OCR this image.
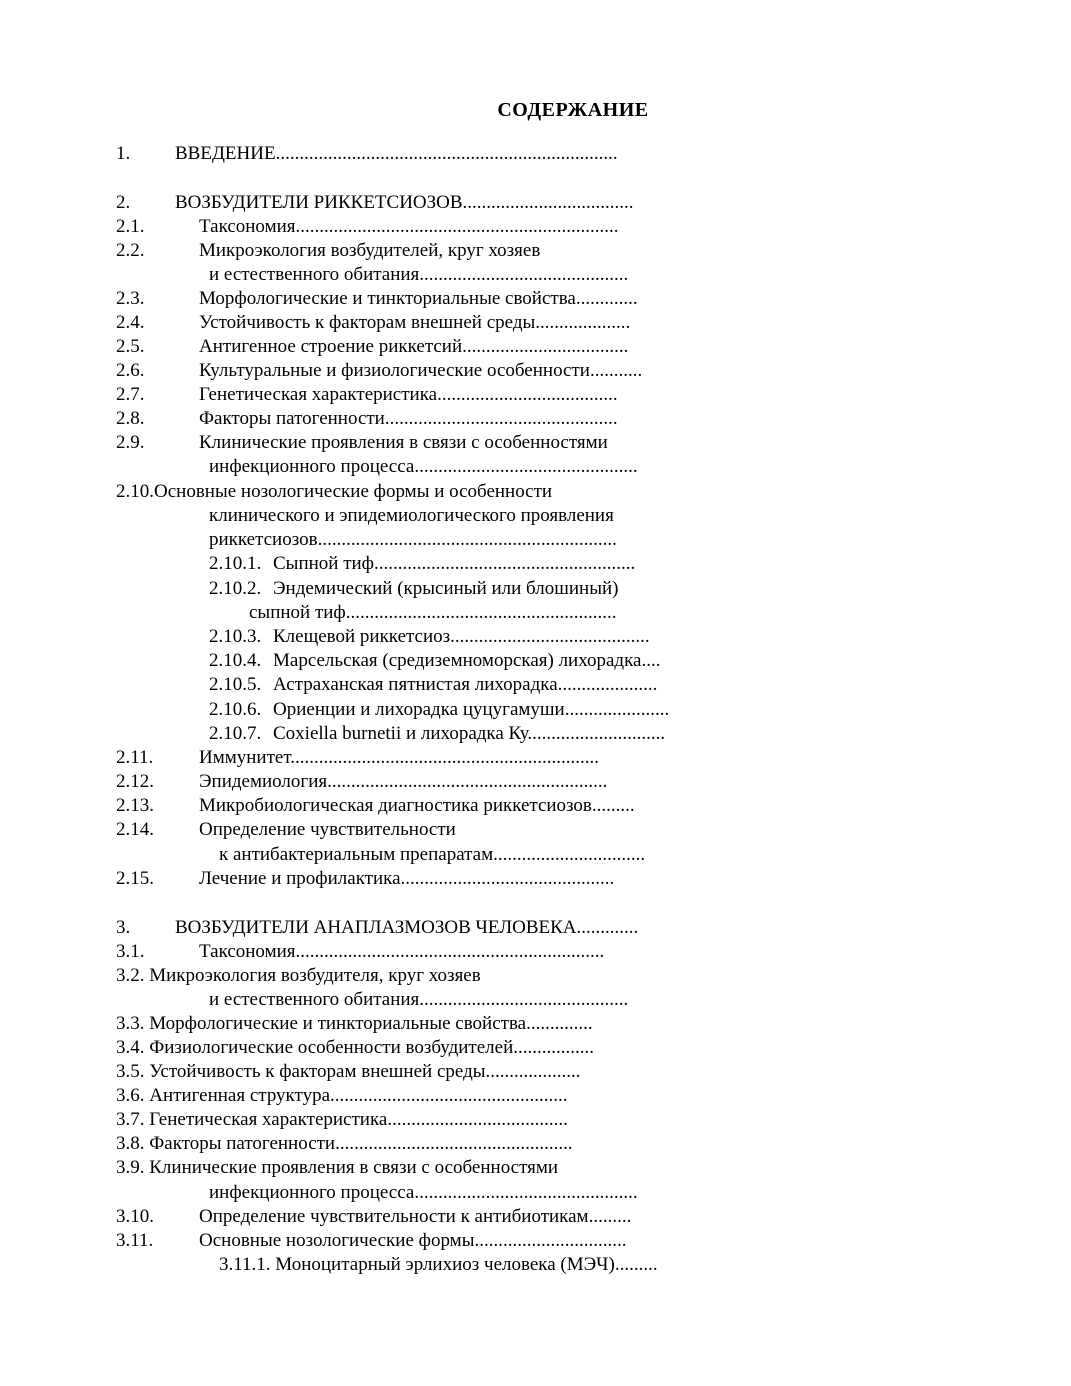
СОДЕРЖАНИЕ
1. ВВЕДЕНИЕ........................................................................
2. ВОЗБУДИТЕЛИ РИККЕТСИОЗОВ....................................
2.1.	Таксономия....................................................................
2.2.	Микроэкология возбудителей, круг хозяев
и естественного обитания............................................
2.3.	Морфологические и тинкториальные свойства.............
2.4.	Устойчивость к факторам внешней среды....................
2.5.	Антигенное строение риккетсий...................................
2.6.	Культуральные и физиологические особенности...........
2.7.	Генетическая характеристика......................................
2.8.	Факторы патогенности.................................................
2.9.	Клинические проявления в связи с особенностями
инфекционного процесса...............................................
2.10.Основные нозологические формы и особенности
клинического и эпидемиологического проявления
риккетсиозов...............................................................
2.10.1. Сыпной тиф.......................................................
2.10.2. Эндемический (крысиный или блошиный)
сыпной тиф.........................................................
2.10.3. Клещевой риккетсиоз..........................................
2.10.4. Марсельская (средиземноморская) лихорадка....
2.10.5. Астраханская пятнистая лихорадка.....................
2.10.6. Ориенции и лихорадка цуцугамуши......................
2.10.7. Coxiella burnetii и лихорадка Ку.............................
2.11. Иммунитет.................................................................
2.12. Эпидемиология...........................................................
2.13. Микробиологическая диагностика риккетсиозов.........
2.14. Определение чувствительности
к антибактериальным препаратам................................
2.15. Лечение и профилактика.............................................
3. ВОЗБУДИТЕЛИ АНАПЛАЗМОЗОВ ЧЕЛОВЕКА.............
3.1.	Таксономия.................................................................
3.2. Микроэкология возбудителя, круг хозяев
и естественного обитания............................................
3.3. Морфологические и тинкториальные свойства..............
3.4. Физиологические особенности возбудителей.................
3.5. Устойчивость к факторам внешней среды....................
3.6. Антигенная структура..................................................
3.7. Генетическая характеристика......................................
3.8. Факторы патогенности..................................................
3.9. Клинические проявления в связи с особенностями
инфекционного процесса...............................................
3.10. Определение чувствительности к антибиотикам.........
3.11. Основные нозологические формы................................
3.11.1. Моноцитарный эрлихиоз человека (МЭЧ).........
